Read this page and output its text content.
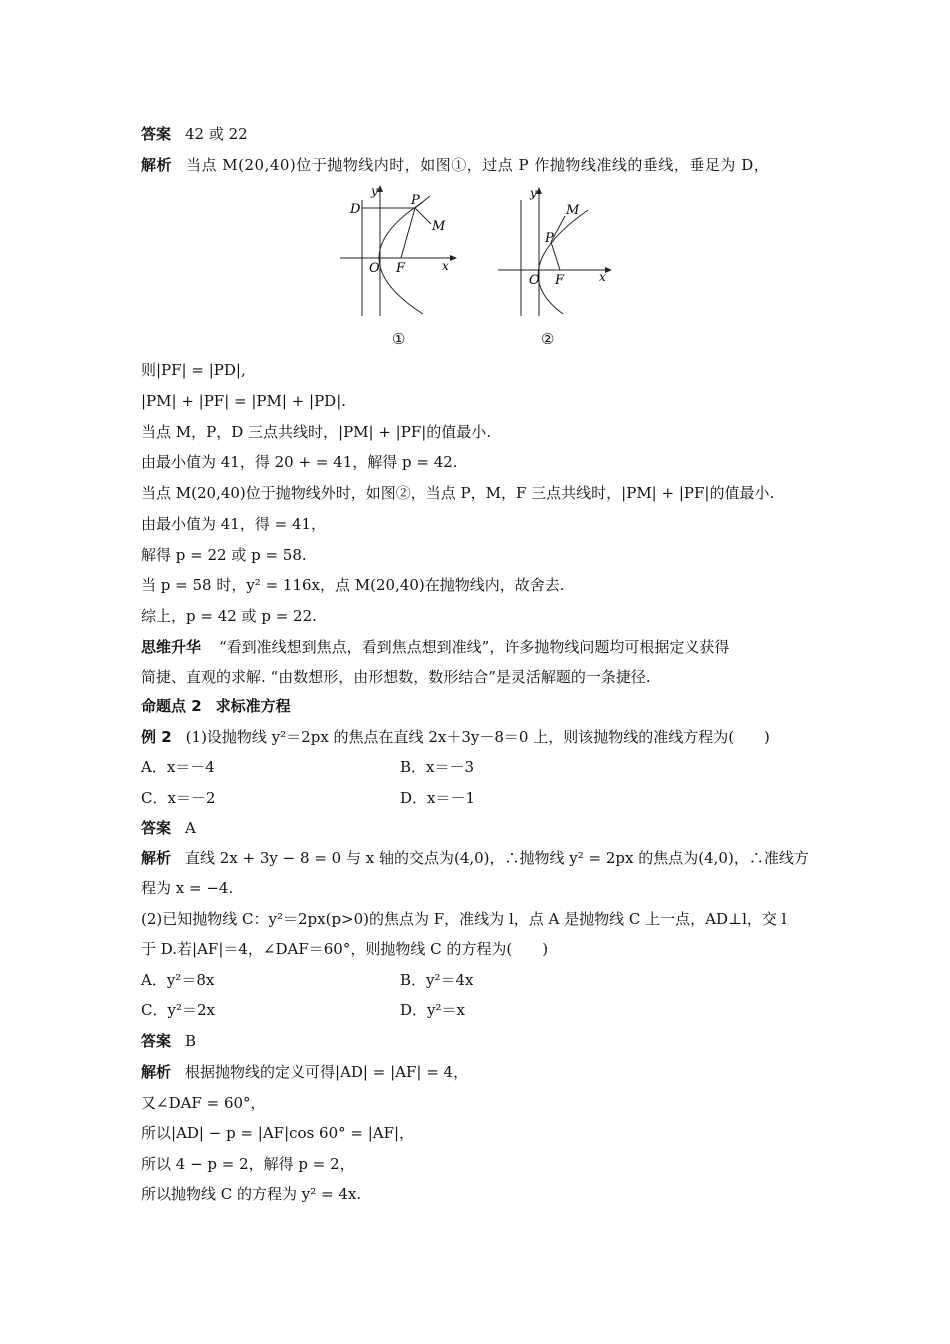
答案 42 或 22
解析 当点 M(20,40)位于抛物线内时，如图①，过点 P 作抛物线准线的垂线，垂足为 D，
D
y
P
M
O F	x
①
y
M
P
O F	x
②
则|PF| = |PD|,
|PM| + |PF| = |PM| + |PD|.
当点 M，P，D 三点共线时，|PM| + |PF|的值最小.
由最小值为 41，得 20 + = 41，解得 p = 42.
当点 M(20,40)位于抛物线外时，如图②，当点 P，M，F 三点共线时，|PM| + |PF|的值最小.
由最小值为 41，得 = 41，
解得 p = 22 或 p = 58.
当 p = 58 时，y² = 116x，点 M(20,40)在抛物线内，故舍去.
综上，p = 42 或 p = 22.
思维升华 “看到准线想到焦点，看到焦点想到准线”，许多抛物线问题均可根据定义获得
简捷、直观的求解. “由数想形，由形想数，数形结合”是灵活解题的一条捷径.
命题点 2 求标准方程
例 2 (1)设抛物线 y²＝2px 的焦点在直线 2x＋3y－8＝0 上，则该抛物线的准线方程为(　　)
A．x＝－4	B．x＝－3
C．x＝－2	D．x＝－1
答案 A
解析 直线 2x + 3y − 8 = 0 与 x 轴的交点为(4,0)，∴抛物线 y² = 2px 的焦点为(4,0)，∴准线方
程为 x = −4.
(2)已知抛物线 C：y²＝2px(p>0)的焦点为 F，准线为 l，点 A 是抛物线 C 上一点，AD⊥l，交 l
于 D.若|AF|＝4，∠DAF＝60°，则抛物线 C 的方程为(　　)
A．y²＝8x	B．y²＝4x
C．y²＝2x	D．y²＝x
答案 B
解析 根据抛物线的定义可得|AD| = |AF| = 4，
又∠DAF = 60°，
所以|AD| − p = |AF|cos 60° = |AF|，
所以 4 − p = 2，解得 p = 2，
所以抛物线 C 的方程为 y² = 4x.
